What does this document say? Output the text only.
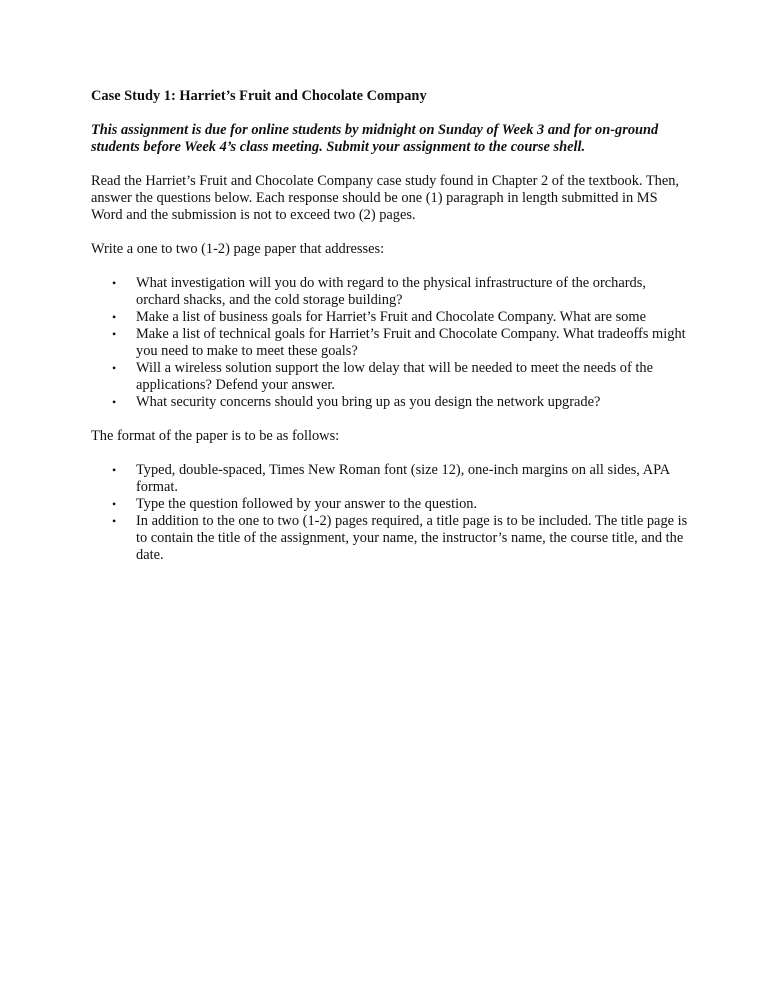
Case Study 1: Harriet’s Fruit and Chocolate Company
This assignment is due for online students by midnight on Sunday of Week 3 and for on-ground students before Week 4’s class meeting. Submit your assignment to the course shell.

Read the Harriet’s Fruit and Chocolate Company case study found in Chapter 2 of the textbook. Then, answer the questions below. Each response should be one (1) paragraph in length submitted in MS Word and the submission is not to exceed two (2) pages.

Write a one to two (1-2) page paper that addresses:

• What investigation will you do with regard to the physical infrastructure of the orchards, orchard shacks, and the cold storage building?
• Make a list of business goals for Harriet’s Fruit and Chocolate Company. What are some
• Make a list of technical goals for Harriet’s Fruit and Chocolate Company. What tradeoffs might you need to make to meet these goals?
• Will a wireless solution support the low delay that will be needed to meet the needs of the applications? Defend your answer.
• What security concerns should you bring up as you design the network upgrade?

The format of the paper is to be as follows:

• Typed, double-spaced, Times New Roman font (size 12), one-inch margins on all sides, APA format.
• Type the question followed by your answer to the question.
• In addition to the one to two (1-2) pages required, a title page is to be included. The title page is to contain the title of the assignment, your name, the instructor’s name, the course title, and the date.
